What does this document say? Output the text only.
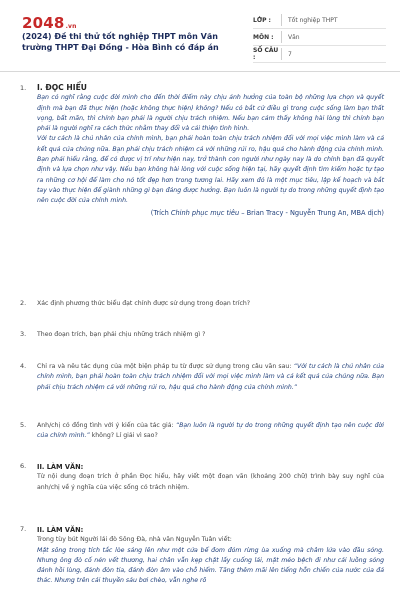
2048.vn
(2024) Đề thi thử tốt nghiệp THPT môn Văn trường THPT Đại Đồng - Hòa Bình có đáp án
LỚP :	Tốt nghiệp THPT
MÔN :	Văn
SỐ CÂU :	7
1. I. ĐỌC HIỂU

Bạn có nghĩ rằng cuộc đời mình cho đến thời điểm này chịu ảnh hưởng của toàn bộ những lựa chọn và quyết định mà bạn đã thực hiện (hoặc không thực hiện) không? Nếu có bắt cứ điều gì trong cuộc sống làm bạn thất vọng, bất mãn, thì chính bạn phải là người chịu trách nhiệm. Nếu bạn cảm thấy không hài lòng thì chính bạn phải là người nghĩ ra cách thức nhằm thay đổi và cải thiện tình hình.

Với tư cách là chủ nhân của chính mình, bạn phải hoàn toàn chịu trách nhiệm đối với mọi việc mình làm và cả kết quả của chúng nữa. Bạn phải chịu trách nhiệm cả với những rủi ro, hậu quả cho hành động của chính mình. Bạn phải hiểu rằng, để có được vị trí như hiện nay, trở thành con người như ngày nay là do chính bạn đã quyết định và lựa chọn như vậy. Nếu bạn không hài lòng với cuộc sống hiện tại, hãy quyết định tìm kiếm hoặc tự tạo ra những cơ hội để làm cho nó tốt đẹp hơn trong tương lai. Hãy xem đó là một mục tiêu, lập kế hoạch và bắt tay vào thực hiện để giành những gì bạn đáng được hưởng. Bạn luôn là người tự do trong những quyết định tạo nên cuộc đời của chính mình.

(Trích Chinh phục mục tiêu – Brian Tracy - Nguyễn Trung An, MBA dịch)
2. Xác định phương thức biểu đạt chính được sử dụng trong đoạn trích?
3. Theo đoạn trích, bạn phải chịu những trách nhiệm gì ?
4. Chỉ ra và nêu tác dụng của một biện pháp tu từ được sử dụng trong câu văn sau: “Với tư cách là chủ nhân của chính mình, bạn phải hoàn toàn chịu trách nhiệm đối với mọi việc mình làm và cả kết quả của chúng nữa. Bạn phải chịu trách nhiệm cả với những rủi ro, hậu quả cho hành động của chính mình.”
5. Anh/chị có đồng tình với ý kiến của tác giả: “Bạn luôn là người tự do trong những quyết định tạo nên cuộc đời của chính mình.” không? Lí giải vì sao?
6. II. LÀM VĂN:
Từ nội dung đoạn trích ở phần Đọc hiểu, hãy viết một đoạn văn (khoảng 200 chữ) trình bày suy nghĩ của anh/chị về ý nghĩa của việc sống có trách nhiệm.
7. II. LÀM VĂN:
Trong tùy bút Người lái đò Sông Đà, nhà văn Nguyễn Tuân viết:
Mặt sông trong tích tắc lòe sáng lên như một cửa bể đom đóm rừng ùa xuống mà châm lửa vào đầu sóng. Nhưng ông đò cố nén vết thương, hai chân vẫn kẹp chặt lấy cuống lái, mặt méo bệch đi như cái luồng sóng đánh hồi lùng, đánh đòn tỉa, đánh đòn âm vào chỗ hiểm. Tăng thêm mãi lên tiếng hỗn chiến của nước của đá thác. Nhưng trên cái thuyền sáu bơi chèo, vẫn nghe rõ
